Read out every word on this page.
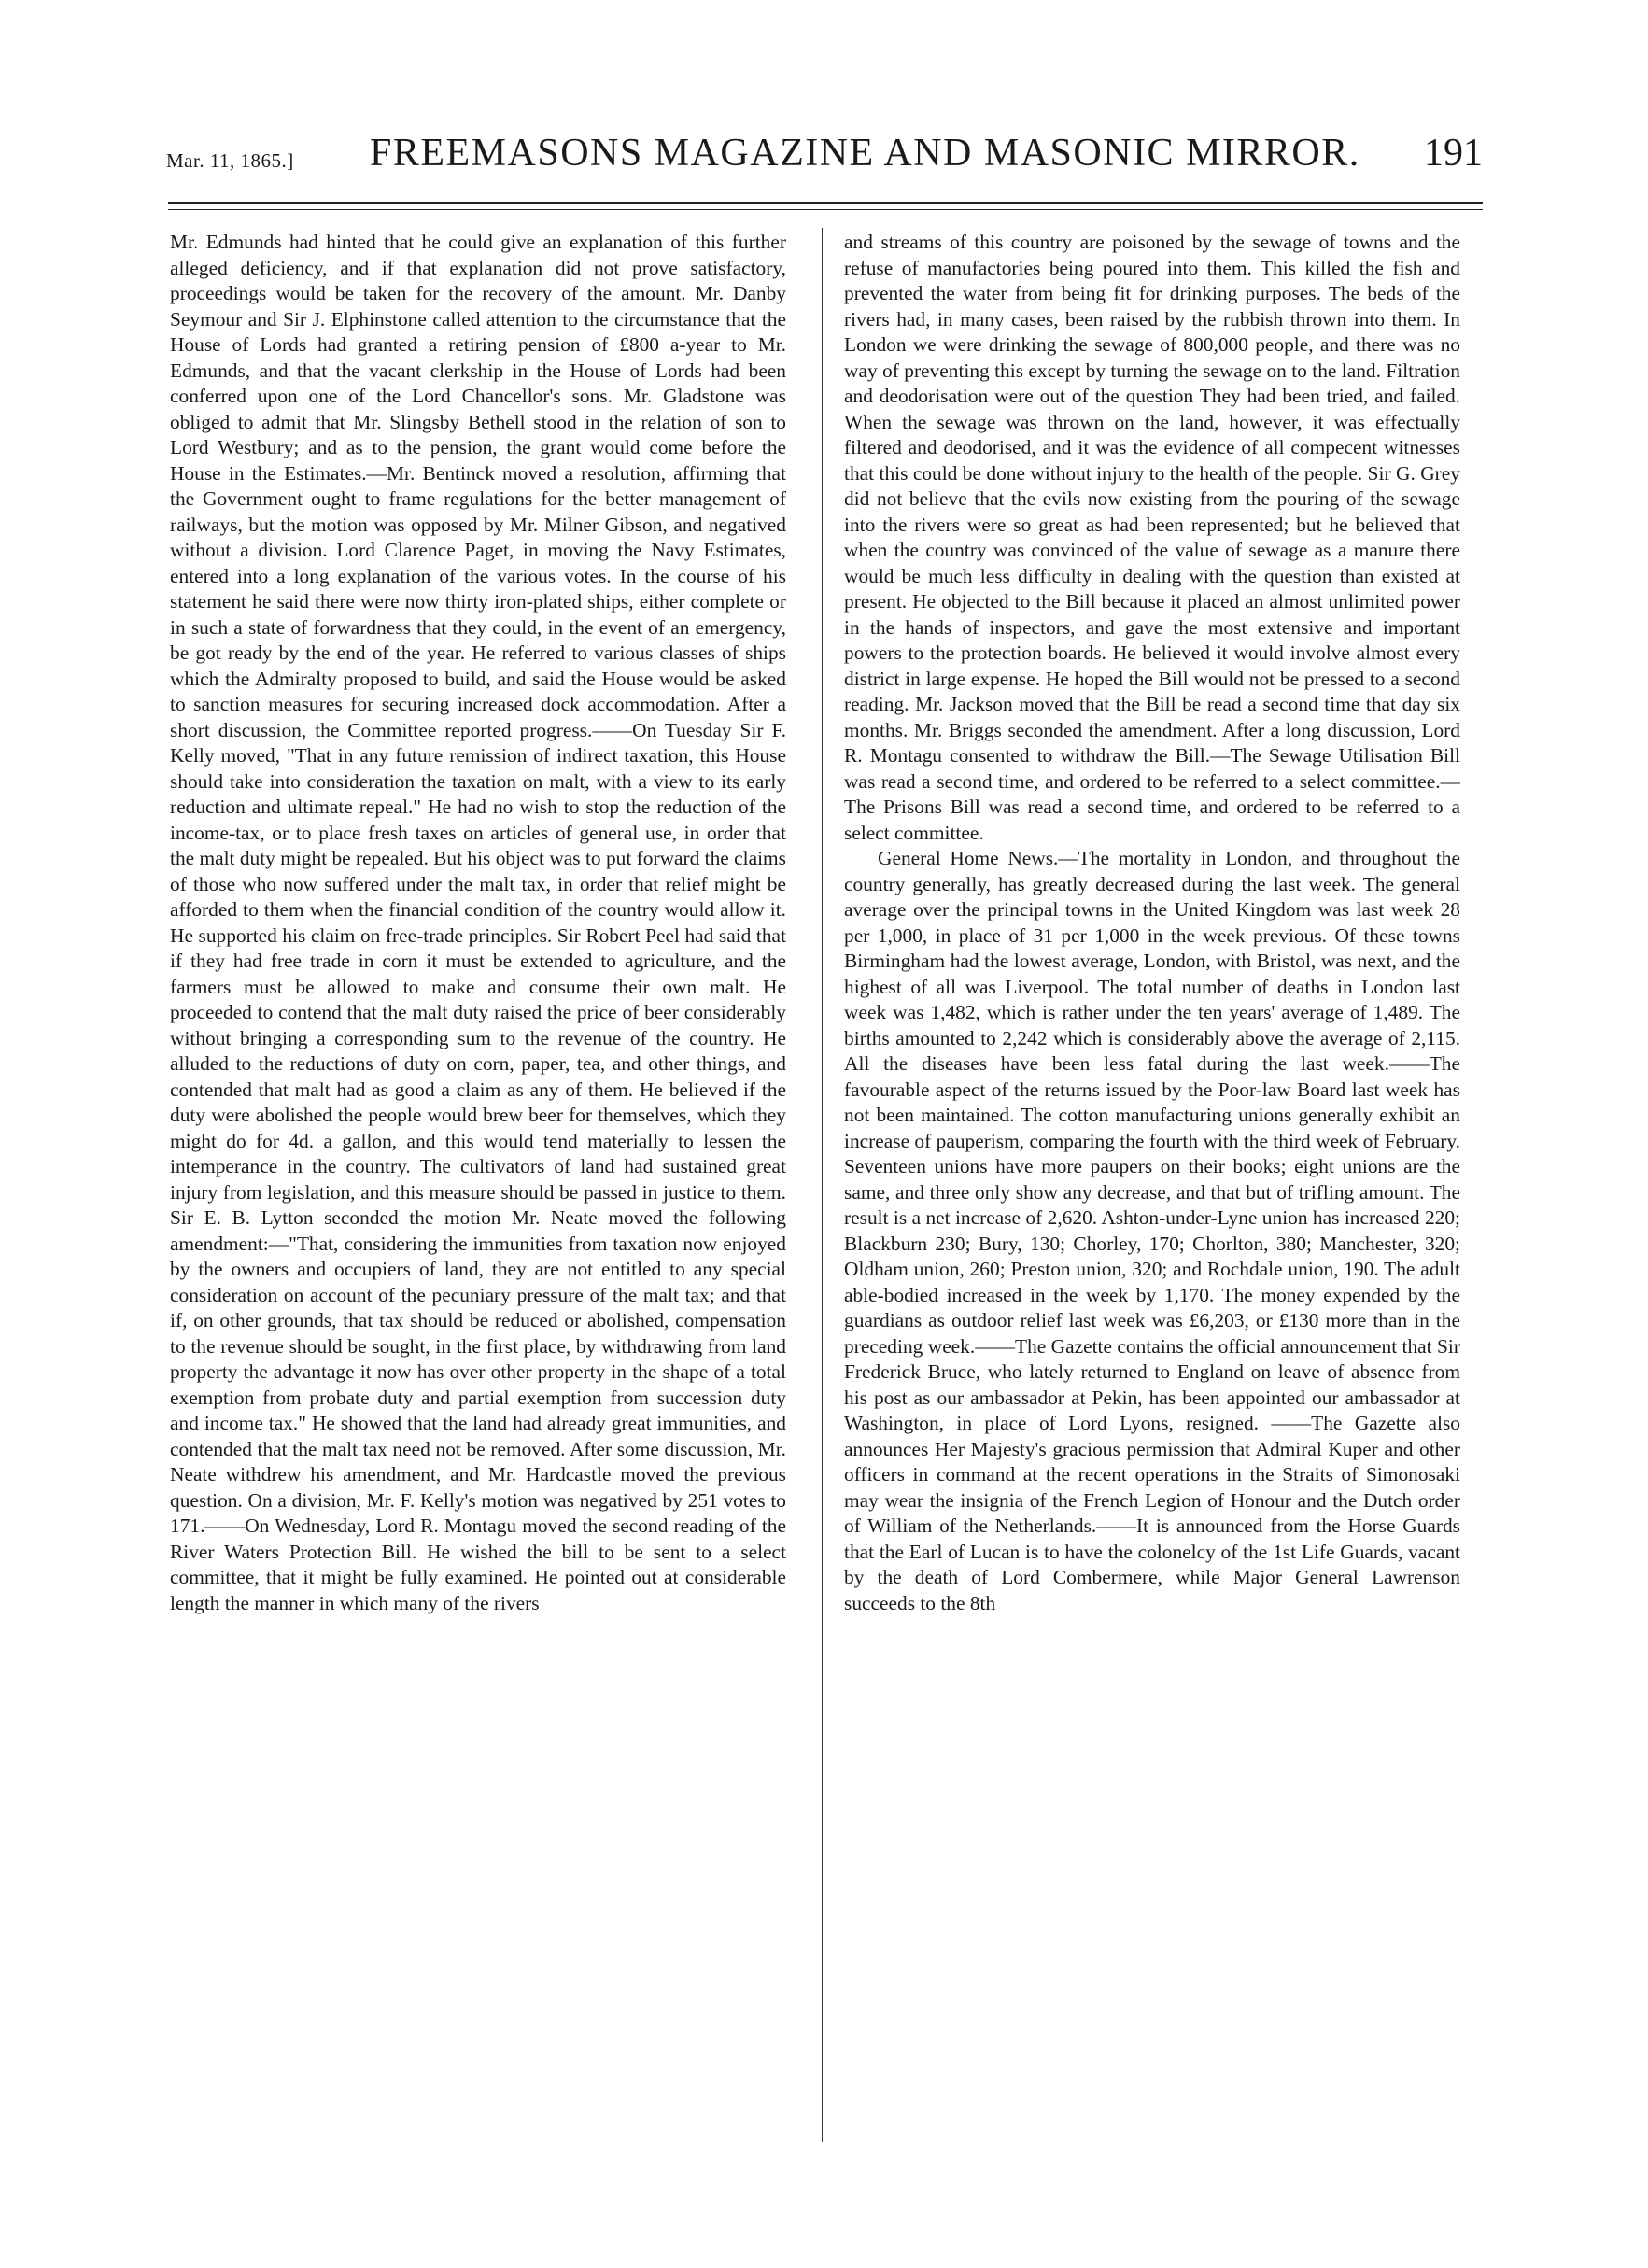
Mar. 11, 1865.] FREEMASONS MAGAZINE AND MASONIC MIRROR. 191

Mr. Edmunds had hinted that he could give an explanation of this further alleged deficiency, and if that explanation did not prove satisfactory, proceedings would be taken for the recovery of the amount. Mr. Danby Seymour and Sir J. Elphinstone called attention to the circumstance that the House of Lords had granted a retiring pension of £800 a-year to Mr. Edmunds, and that the vacant clerkship in the House of Lords had been conferred upon one of the Lord Chancellor's sons. Mr. Gladstone was obliged to admit that Mr. Slingsby Bethell stood in the relation of son to Lord Westbury; and as to the pension, the grant would come before the House in the Estimates.—Mr. Bentinck moved a resolution, affirming that the Government ought to frame regulations for the better management of railways, but the motion was opposed by Mr. Milner Gibson, and negatived without a division. Lord Clarence Paget, in moving the Navy Estimates, entered into a long explanation of the various votes. In the course of his statement he said there were now thirty iron-plated ships, either complete or in such a state of forwardness that they could, in the event of an emergency, be got ready by the end of the year. He referred to various classes of ships which the Admiralty proposed to build, and said the House would be asked to sanction measures for securing increased dock accommodation. After a short discussion, the Committee reported progress.——On Tuesday Sir F. Kelly moved, "That in any future remission of indirect taxation, this House should take into consideration the taxation on malt, with a view to its early reduction and ultimate repeal." He had no wish to stop the reduction of the income-tax, or to place fresh taxes on articles of general use, in order that the malt duty might be repealed. But his object was to put forward the claims of those who now suffered under the malt tax, in order that relief might be afforded to them when the financial condition of the country would allow it. He supported his claim on free-trade principles. Sir Robert Peel had said that if they had free trade in corn it must be extended to agriculture, and the farmers must be allowed to make and consume their own malt. He proceeded to contend that the malt duty raised the price of beer considerably without bringing a corresponding sum to the revenue of the country. He alluded to the reductions of duty on corn, paper, tea, and other things, and contended that malt had as good a claim as any of them. He believed if the duty were abolished the people would brew beer for themselves, which they might do for 4d. a gallon, and this would tend materially to lessen the intemperance in the country. The cultivators of land had sustained great injury from legislation, and this measure should be passed in justice to them. Sir E. B. Lytton seconded the motion Mr. Neate moved the following amendment:—"That, considering the immunities from taxation now enjoyed by the owners and occupiers of land, they are not entitled to any special consideration on account of the pecuniary pressure of the malt tax; and that if, on other grounds, that tax should be reduced or abolished, compensation to the revenue should be sought, in the first place, by withdrawing from land property the advantage it now has over other property in the shape of a total exemption from probate duty and partial exemption from succession duty and income tax." He showed that the land had already great immunities, and contended that the malt tax need not be removed. After some discussion, Mr. Neate withdrew his amendment, and Mr. Hardcastle moved the previous question. On a division, Mr. F. Kelly's motion was negatived by 251 votes to 171.——On Wednesday, Lord R. Montagu moved the second reading of the River Waters Protection Bill. He wished the bill to be sent to a select committee, that it might be fully examined. He pointed out at considerable length the manner in which many of the rivers

and streams of this country are poisoned by the sewage of towns and the refuse of manufactories being poured into them. This killed the fish and prevented the water from being fit for drinking purposes. The beds of the rivers had, in many cases, been raised by the rubbish thrown into them. In London we were drinking the sewage of 800,000 people, and there was no way of preventing this except by turning the sewage on to the land. Filtration and deodorisation were out of the question They had been tried, and failed. When the sewage was thrown on the land, however, it was effectually filtered and deodorised, and it was the evidence of all compecent witnesses that this could be done without injury to the health of the people. Sir G. Grey did not believe that the evils now existing from the pouring of the sewage into the rivers were so great as had been represented; but he believed that when the country was convinced of the value of sewage as a manure there would be much less difficulty in dealing with the question than existed at present. He objected to the Bill because it placed an almost unlimited power in the hands of inspectors, and gave the most extensive and important powers to the protection boards. He believed it would involve almost every district in large expense. He hoped the Bill would not be pressed to a second reading. Mr. Jackson moved that the Bill be read a second time that day six months. Mr. Briggs seconded the amendment. After a long discussion, Lord R. Montagu consented to withdraw the Bill.—The Sewage Utilisation Bill was read a second time, and ordered to be referred to a select committee.—The Prisons Bill was read a second time, and ordered to be referred to a select committee.

General Home News.—The mortality in London, and throughout the country generally, has greatly decreased during the last week. The general average over the principal towns in the United Kingdom was last week 28 per 1,000, in place of 31 per 1,000 in the week previous. Of these towns Birmingham had the lowest average, London, with Bristol, was next, and the highest of all was Liverpool. The total number of deaths in London last week was 1,482, which is rather under the ten years' average of 1,489. The births amounted to 2,242 which is considerably above the average of 2,115. All the diseases have been less fatal during the last week.——The favourable aspect of the returns issued by the Poor-law Board last week has not been maintained. The cotton manufacturing unions generally exhibit an increase of pauperism, comparing the fourth with the third week of February. Seventeen unions have more paupers on their books; eight unions are the same, and three only show any decrease, and that but of trifling amount. The result is a net increase of 2,620. Ashton-under-Lyne union has increased 220; Blackburn 230; Bury, 130; Chorley, 170; Chorlton, 380; Manchester, 320; Oldham union, 260; Preston union, 320; and Rochdale union, 190. The adult able-bodied increased in the week by 1,170. The money expended by the guardians as outdoor relief last week was £6,203, or £130 more than in the preceding week.——The Gazette contains the official announcement that Sir Frederick Bruce, who lately returned to England on leave of absence from his post as our ambassador at Pekin, has been appointed our ambassador at Washington, in place of Lord Lyons, resigned. ——The Gazette also announces Her Majesty's gracious permission that Admiral Kuper and other officers in command at the recent operations in the Straits of Simonosaki may wear the insignia of the French Legion of Honour and the Dutch order of William of the Netherlands.——It is announced from the Horse Guards that the Earl of Lucan is to have the colonelcy of the 1st Life Guards, vacant by the death of Lord Combermere, while Major General Lawrenson succeeds to the 8th
